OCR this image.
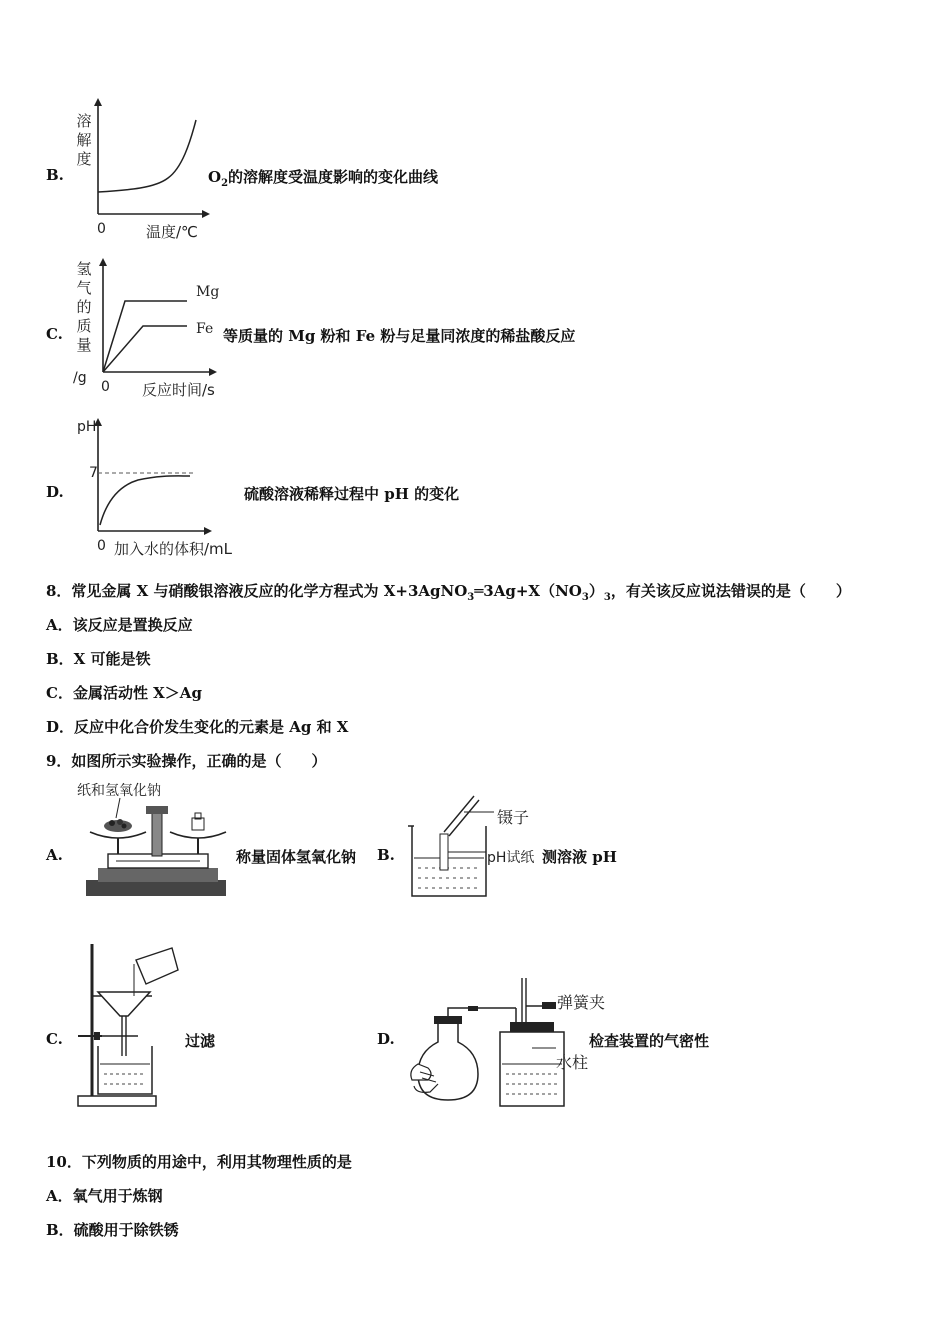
B.
溶
解
度
0	温度/℃
$O_2$的溶解度受温度影响的变化曲线
C.
氢
气
的
质
量
/g
Mg
Fe
0 反应时间/s
等质量的 Mg 粉和 Fe 粉与足量同浓度的稀盐酸反应
D.
pH
7
0 加入水的体积/mL
硫酸溶液稀释过程中 pH 的变化
8．常见金属 X 与硝酸银溶液反应的化学方程式为 $X+3AgNO_3═3Ag+X(NO_3)_3$，有关该反应说法错误的是（　　）
A．该反应是置换反应
B．X 可能是铁
C．金属活动性 X＞Ag
D．反应中化合价发生变化的元素是 Ag 和 X
9．如图所示实验操作，正确的是（　　）
A.
纸和氢氧化钠
称量固体氢氧化钠 B.
镊子
pH试纸 测溶液 pH
C.	过滤	D.
弹簧夹
水柱
检查装置的气密性
10．下列物质的用途中，利用其物理性质的是
A．氧气用于炼钢
B．硫酸用于除铁锈
